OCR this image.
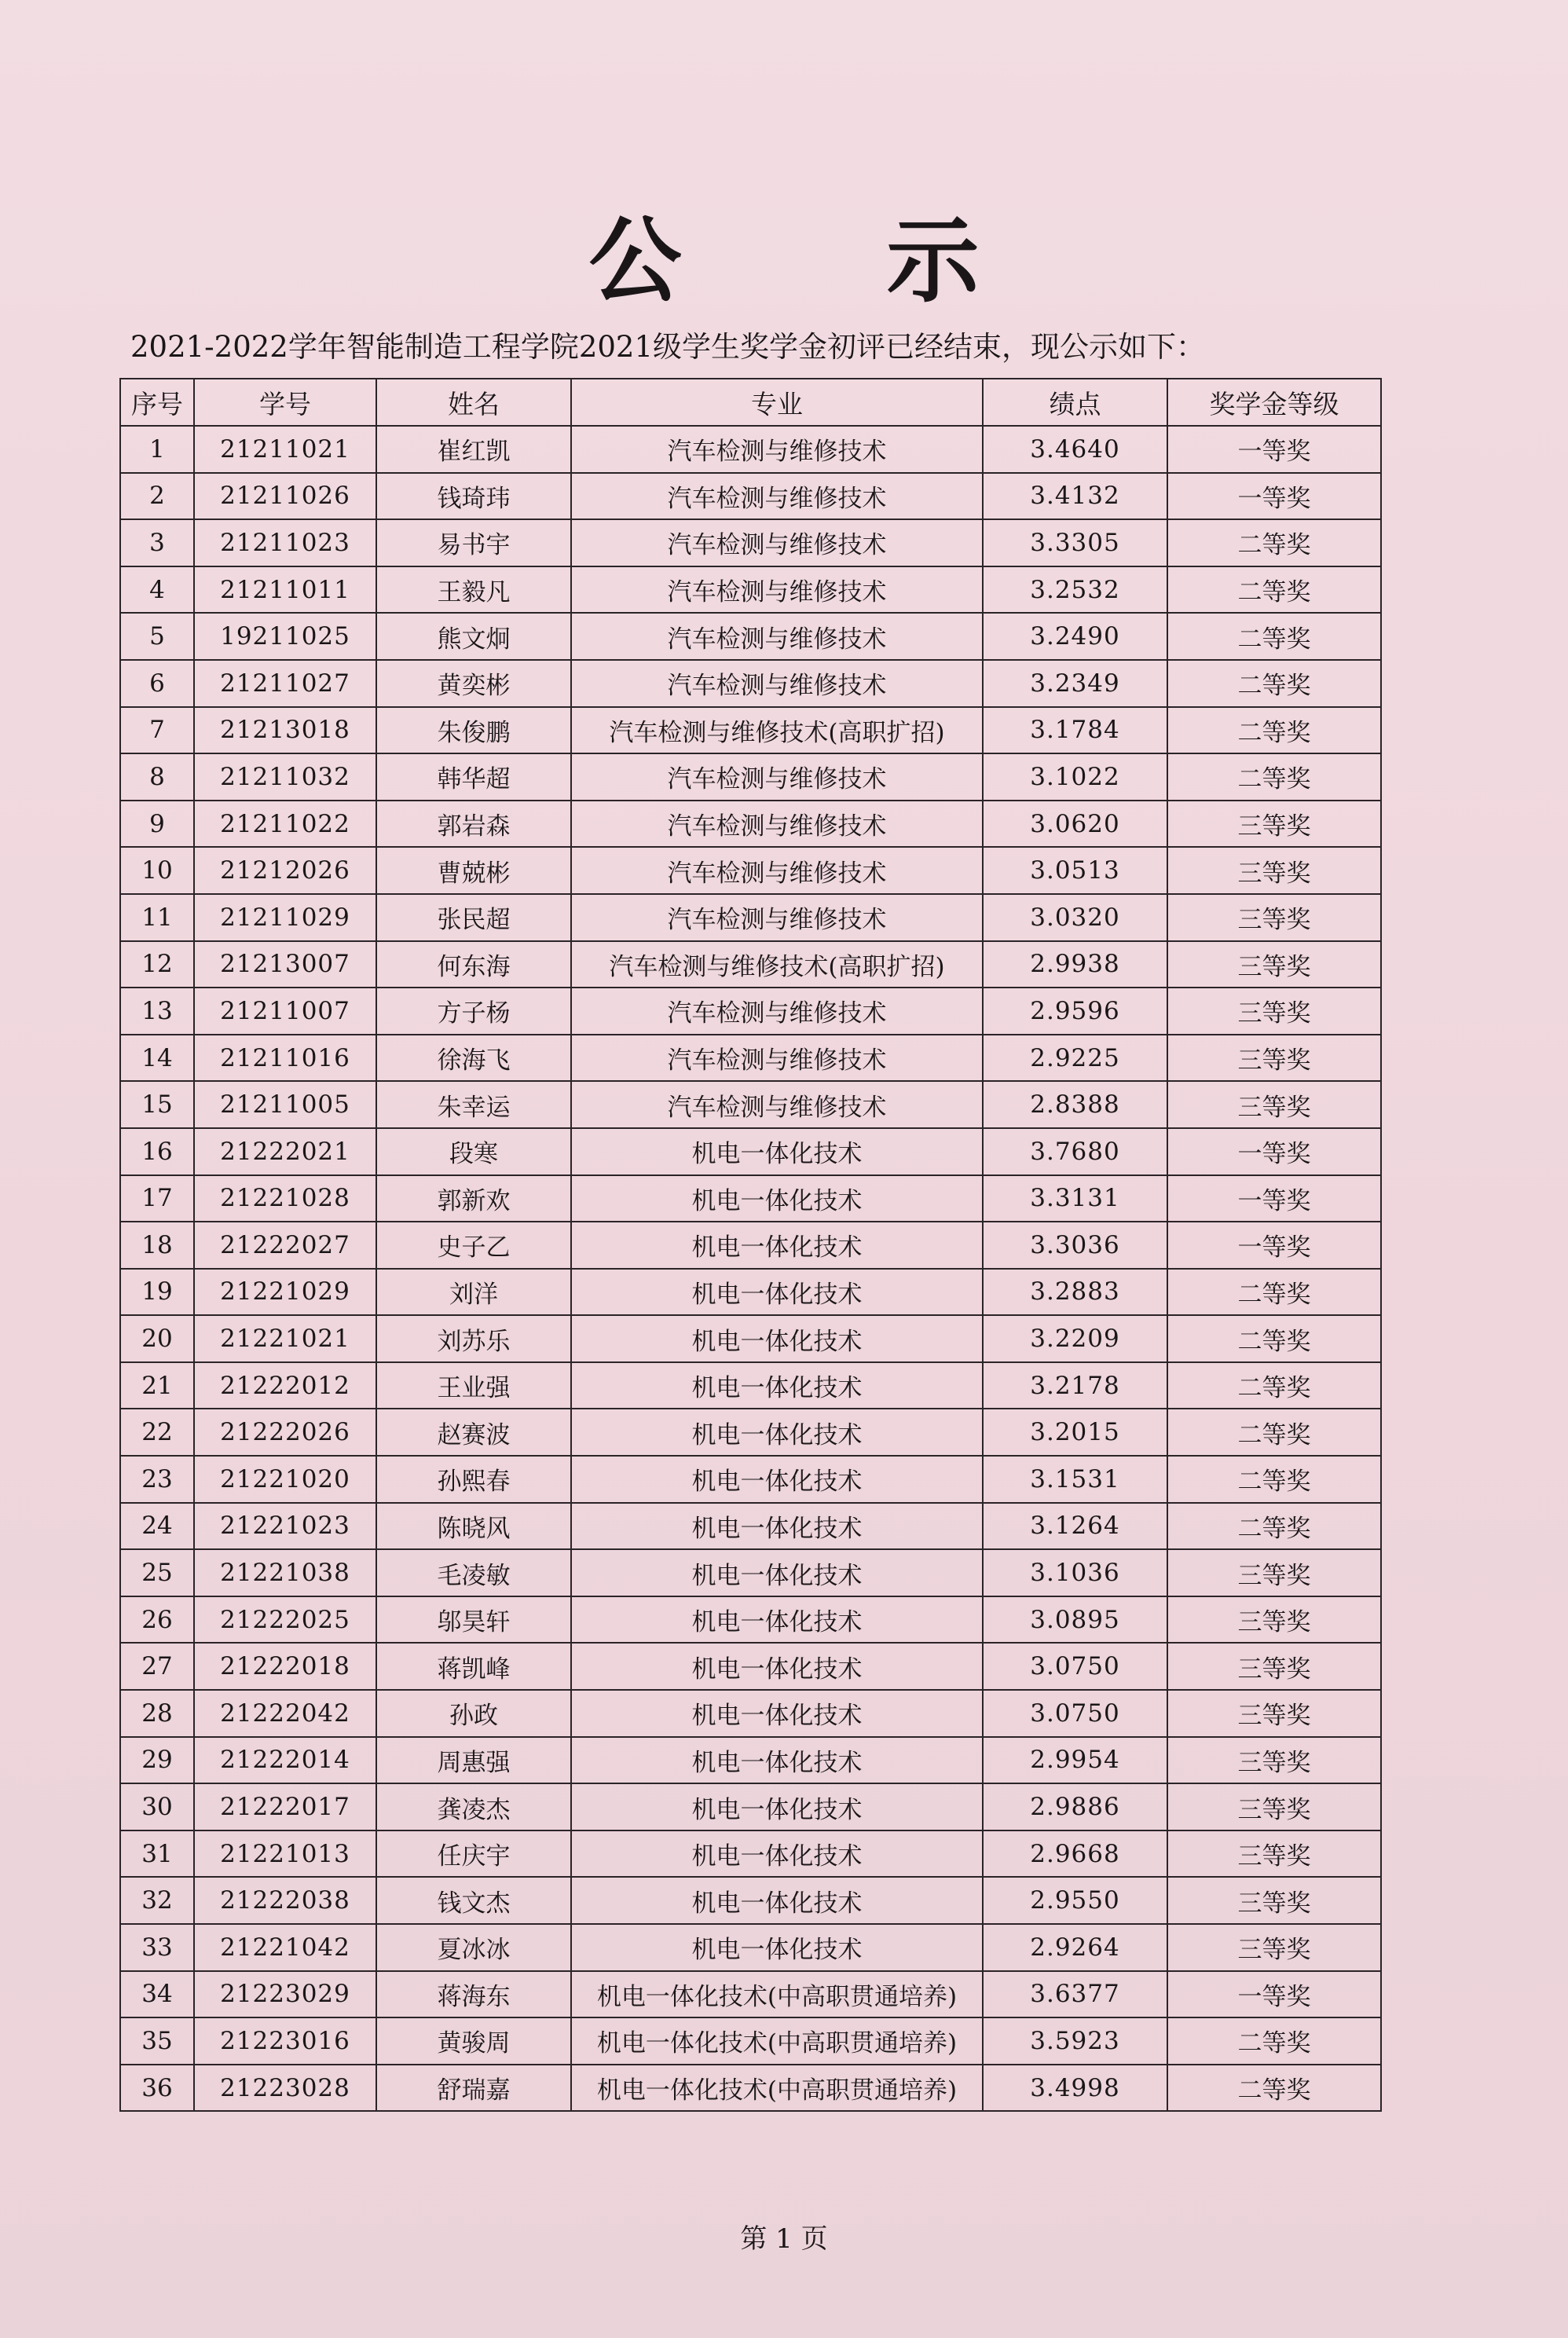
公 示
2021-2022学年智能制造工程学院2021级学生奖学金初评已经结束，现公示如下：
序号	学号	姓名	专业	绩点	奖学金等级
1	21211021	崔红凯	汽车检测与维修技术	3.4640	一等奖
2	21211026	钱琦玮	汽车检测与维修技术	3.4132	一等奖
3	21211023	易书宇	汽车检测与维修技术	3.3305	二等奖
4	21211011	王毅凡	汽车检测与维修技术	3.2532	二等奖
5	19211025	熊文炯	汽车检测与维修技术	3.2490	二等奖
6	21211027	黄奕彬	汽车检测与维修技术	3.2349	二等奖
7	21213018	朱俊鹏	汽车检测与维修技术(高职扩招)	3.1784	二等奖
8	21211032	韩华超	汽车检测与维修技术	3.1022	二等奖
9	21211022	郭岩森	汽车检测与维修技术	3.0620	三等奖
10	21212026	曹兢彬	汽车检测与维修技术	3.0513	三等奖
11	21211029	张民超	汽车检测与维修技术	3.0320	三等奖
12	21213007	何东海	汽车检测与维修技术(高职扩招)	2.9938	三等奖
13	21211007	方子杨	汽车检测与维修技术	2.9596	三等奖
14	21211016	徐海飞	汽车检测与维修技术	2.9225	三等奖
15	21211005	朱幸运	汽车检测与维修技术	2.8388	三等奖
16	21222021	段寒	机电一体化技术	3.7680	一等奖
17	21221028	郭新欢	机电一体化技术	3.3131	一等奖
18	21222027	史子乙	机电一体化技术	3.3036	一等奖
19	21221029	刘洋	机电一体化技术	3.2883	二等奖
20	21221021	刘苏乐	机电一体化技术	3.2209	二等奖
21	21222012	王业强	机电一体化技术	3.2178	二等奖
22	21222026	赵赛波	机电一体化技术	3.2015	二等奖
23	21221020	孙熙春	机电一体化技术	3.1531	二等奖
24	21221023	陈晓风	机电一体化技术	3.1264	二等奖
25	21221038	毛凌敏	机电一体化技术	3.1036	三等奖
26	21222025	邬昊轩	机电一体化技术	3.0895	三等奖
27	21222018	蒋凯峰	机电一体化技术	3.0750	三等奖
28	21222042	孙政	机电一体化技术	3.0750	三等奖
29	21222014	周惠强	机电一体化技术	2.9954	三等奖
30	21222017	龚凌杰	机电一体化技术	2.9886	三等奖
31	21221013	任庆宇	机电一体化技术	2.9668	三等奖
32	21222038	钱文杰	机电一体化技术	2.9550	三等奖
33	21221042	夏冰冰	机电一体化技术	2.9264	三等奖
34	21223029	蒋海东	机电一体化技术(中高职贯通培养)	3.6377	一等奖
35	21223016	黄骏周	机电一体化技术(中高职贯通培养)	3.5923	二等奖
36	21223028	舒瑞嘉	机电一体化技术(中高职贯通培养)	3.4998	二等奖
第 1 页
